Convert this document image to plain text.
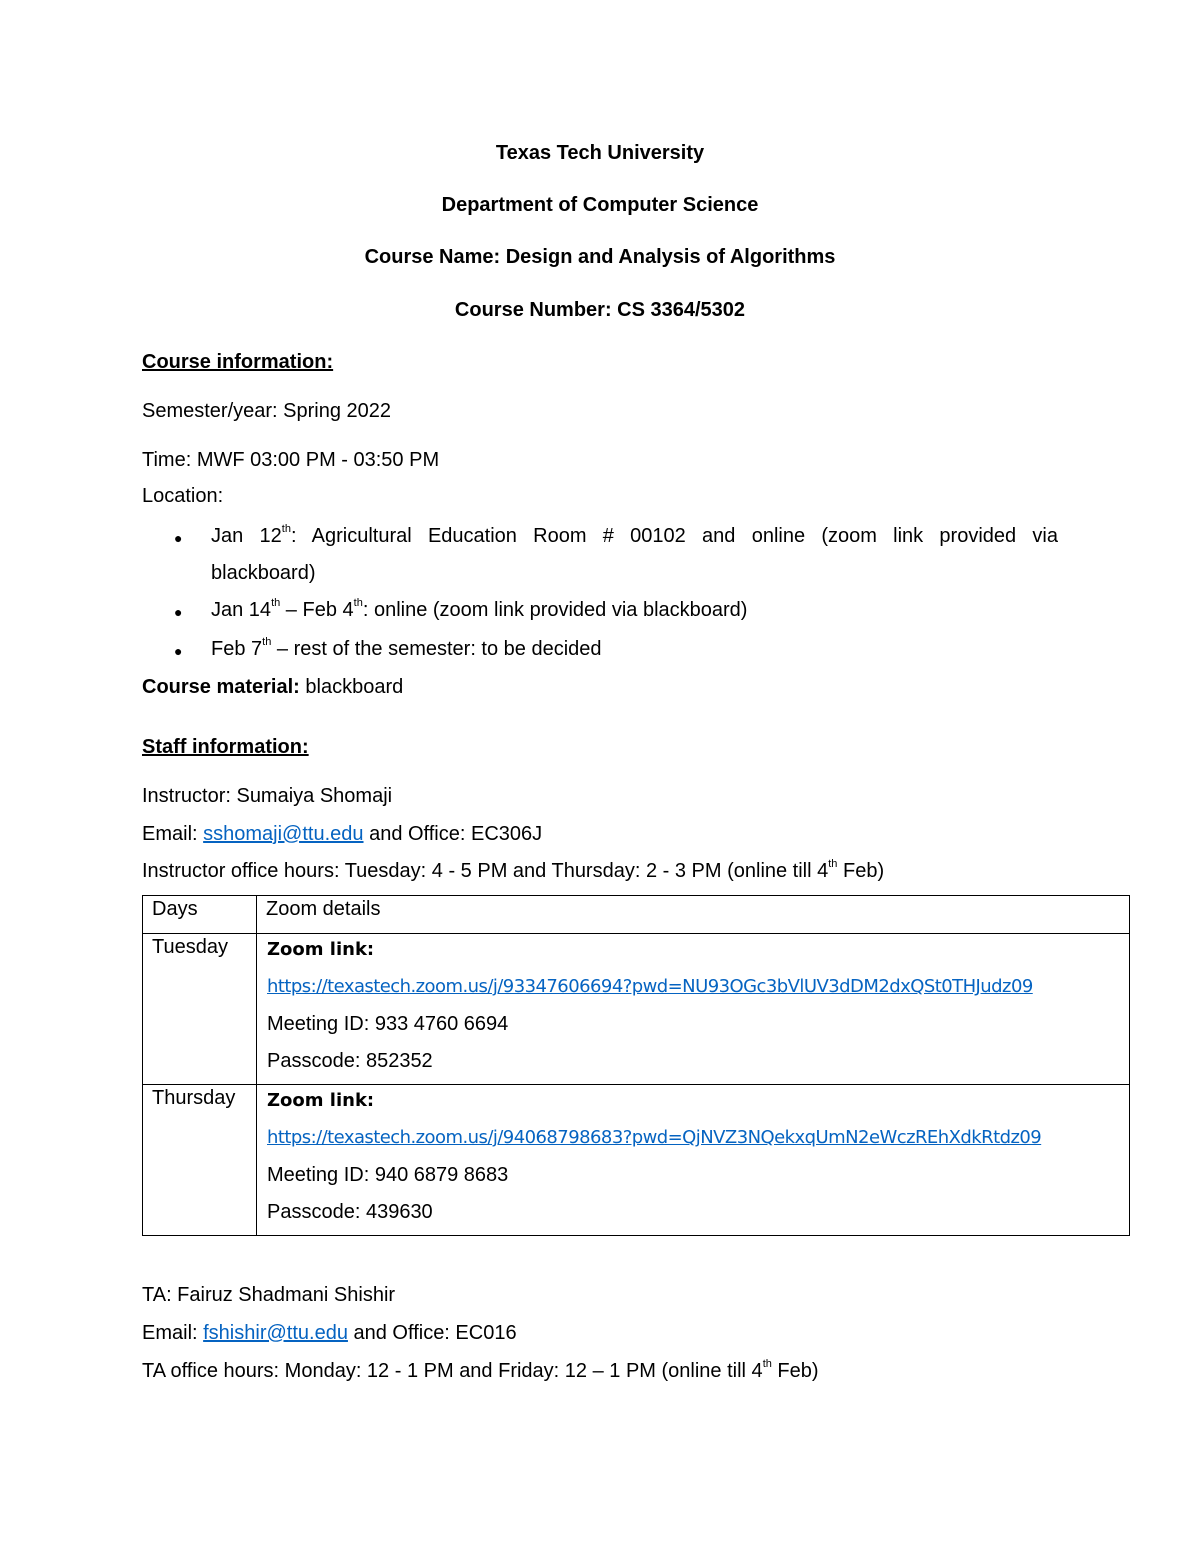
Texas Tech University
Department of Computer Science
Course Name: Design and Analysis of Algorithms
Course Number: CS 3364/5302
Course information:
Semester/year: Spring 2022
Time: MWF 03:00 PM - 03:50 PM
Location:
● Jan 12th: Agricultural Education Room # 00102 and online (zoom link provided via
blackboard)
● Jan 14th – Feb 4th: online (zoom link provided via blackboard)
● Feb 7th – rest of the semester: to be decided
Course material: blackboard
Staff information:
Instructor: Sumaiya Shomaji
Email: sshomaji@ttu.edu and Office: EC306J
Instructor office hours: Tuesday: 4 - 5 PM and Thursday: 2 - 3 PM (online till 4th Feb)
Days	Zoom details
Tuesday	Zoom link:
https://texastech.zoom.us/j/93347606694?pwd=NU93OGc3bVlUV3dDM2dxQSt0THJudz09
Meeting ID: 933 4760 6694
Passcode: 852352

Thursday	Zoom link:
https://texastech.zoom.us/j/94068798683?pwd=QjNVZ3NQekxqUmN2eWczREhXdkRtdz09
Meeting ID: 940 6879 8683
Passcode: 439630
TA: Fairuz Shadmani Shishir
Email: fshishir@ttu.edu and Office: EC016
TA office hours: Monday: 12 - 1 PM and Friday: 12 – 1 PM (online till 4th Feb)
